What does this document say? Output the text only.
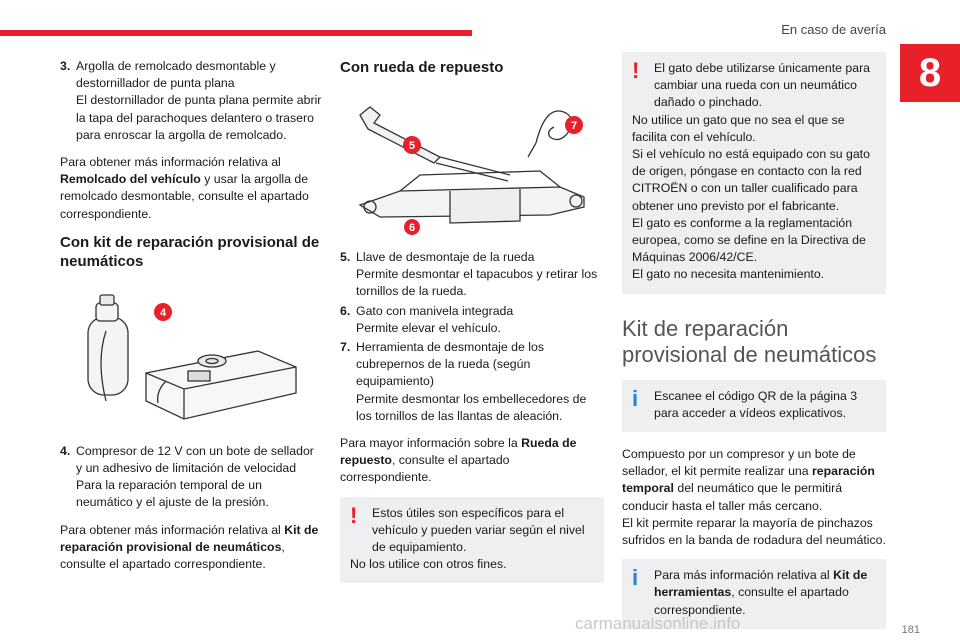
En caso de avería
8
3. Argolla de remolcado desmontable y destornillador de punta plana
El destornillador de punta plana permite abrir la tapa del parachoques delantero o trasero para enroscar la argolla de remolcado.

Para obtener más información relativa al Remolcado del vehículo y usar la argolla de remolcado desmontable, consulte el apartado correspondiente.

Con kit de reparación provisional de neumáticos
4
4. Compresor de 12 V con un bote de sellador y un adhesivo de limitación de velocidad
Para la reparación temporal de un neumático y el ajuste de la presión.

Para obtener más información relativa al Kit de reparación provisional de neumáticos, consulte el apartado correspondiente.

Con rueda de repuesto
5
6
7
5. Llave de desmontaje de la rueda
Permite desmontar el tapacubos y retirar los tornillos de la rueda.
6. Gato con manivela integrada
Permite elevar el vehículo.
7. Herramienta de desmontaje de los cubrepernos de la rueda (según equipamiento)
Permite desmontar los embellecedores de los tornillos de las llantas de aleación.

Para mayor información sobre la Rueda de repuesto, consulte el apartado correspondiente.

!	Estos útiles son específicos para el vehículo y pueden variar según el nivel de equipamiento.
No los utilice con otros fines.
!	El gato debe utilizarse únicamente para cambiar una rueda con un neumático dañado o pinchado.
No utilice un gato que no sea el que se facilita con el vehículo.
Si el vehículo no está equipado con su gato de origen, póngase en contacto con la red CITROËN o con un taller cualificado para obtener uno previsto por el fabricante.
El gato es conforme a la reglamentación europea, como se define en la Directiva de Máquinas 2006/42/CE.
El gato no necesita mantenimiento.
Kit de reparación provisional de neumáticos
i	Escanee el código QR de la página 3 para acceder a vídeos explicativos.

Compuesto por un compresor y un bote de sellador, el kit permite realizar una reparación temporal del neumático que le permitirá conducir hasta el taller más cercano.

El kit permite reparar la mayoría de pinchazos sufridos en la banda de rodadura del neumático.

i	Para más información relativa al Kit de herramientas, consulte el apartado correspondiente.
181
carmanualsonline.info
